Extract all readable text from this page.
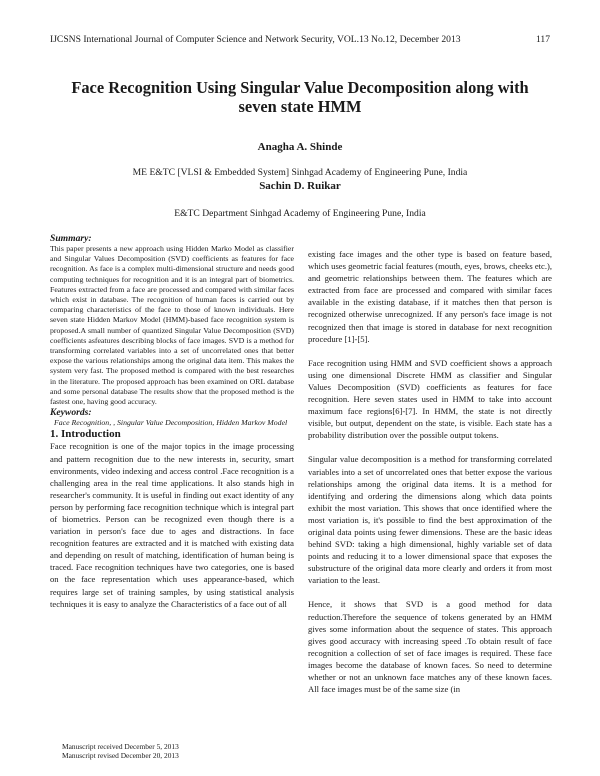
IJCSNS International Journal of Computer Science and Network Security, VOL.13 No.12, December 2013	117
Face Recognition Using Singular Value Decomposition along with seven state HMM
Anagha A. Shinde
ME E&TC [VLSI & Embedded System] Sinhgad Academy of Engineering Pune, India
Sachin D. Ruikar
E&TC Department Sinhgad Academy of Engineering Pune, India

Summary:

This paper presents a new approach using Hidden Marko Model as classifier and Singular Values Decomposition (SVD) coefficients as features for face recognition. As face is a complex multi-dimensional structure and needs good computing techniques for recognition and it is an integral part of biometrics. Features extracted from a face are processed and compared with similar faces which exist in database. The recognition of human faces is carried out by comparing characteristics of the face to those of known individuals. Here seven state Hidden Markov Model (HMM)-based face recognition system is proposed.A small number of quantized Singular Value Decomposition (SVD) coefficients asfeatures describing blocks of face images. SVD is a method for transforming correlated variables into a set of uncorrelated ones that better expose the various relationships among the original data item. This makes the system very fast. The proposed method is compared with the best researches in the literature. The proposed approach has been examined on ORL database and some personal database The results show that the proposed method is the fastest one, having good accuracy.

Keywords:

Face Recognition, , Singular Value Decomposition, Hidden Markov Model

1. Introduction

Face recognition is one of the major topics in the image processing and pattern recognition due to the new interests in, security, smart environments, video indexing and access control .Face recognition is a challenging area in the real time applications. It also stands high in researcher's community. It is useful in finding out exact identity of any person by performing face recognition technique which is integral part of biometrics. Person can be recognized even though there is a variation in person's face due to ages and distractions. In face recognition features are extracted and it is matched with existing data and depending on result of matching, identification of human being is traced. Face recognition techniques have two categories, one is based on the face representation which uses appearance-based, which requires large set of training samples, by using statistical analysis techniques it is easy to analyze the Characteristics of a face out of all

existing face images and the other type is based on feature based, which uses geometric facial features (mouth, eyes, brows, cheeks etc.), and geometric relationships between them. The features which are extracted from face are processed and compared with similar faces available in the existing database, if it matches then that person is recognized otherwise unrecognized. If any person's face image is not recognized then that image is stored in database for next recognition procedure [1]-[5].

Face recognition using HMM and SVD coefficient shows a approach using one dimensional Discrete HMM as classifier and Singular Values Decomposition (SVD) coefficients as features for face recognition. Here seven states used in HMM to take into account maximum face regions[6]-[7]. In HMM, the state is not directly visible, but output, dependent on the state, is visible. Each state has a probability distribution over the possible output tokens.

Singular value decomposition is a method for transforming correlated variables into a set of uncorrelated ones that better expose the various relationships among the original data items. It is a method for identifying and ordering the dimensions along which data points exhibit the most variation. This shows that once identified where the most variation is, it's possible to find the best approximation of the original data points using fewer dimensions. These are the basic ideas behind SVD: taking a high dimensional, highly variable set of data points and reducing it to a lower dimensional space that exposes the substructure of the original data more clearly and orders it from most variation to the least.

Hence, it shows that SVD is a good method for data reduction.Therefore the sequence of tokens generated by an HMM gives some information about the sequence of states. This approach gives good accuracy with increasing speed .To obtain result of face recognition a collection of set of face images is required. These face images become the database of known faces. So need to determine whether or not an unknown face matches any of these known faces. All face images must be of the same size (in

Manuscript received December 5, 2013
Manuscript revised December 20, 2013
